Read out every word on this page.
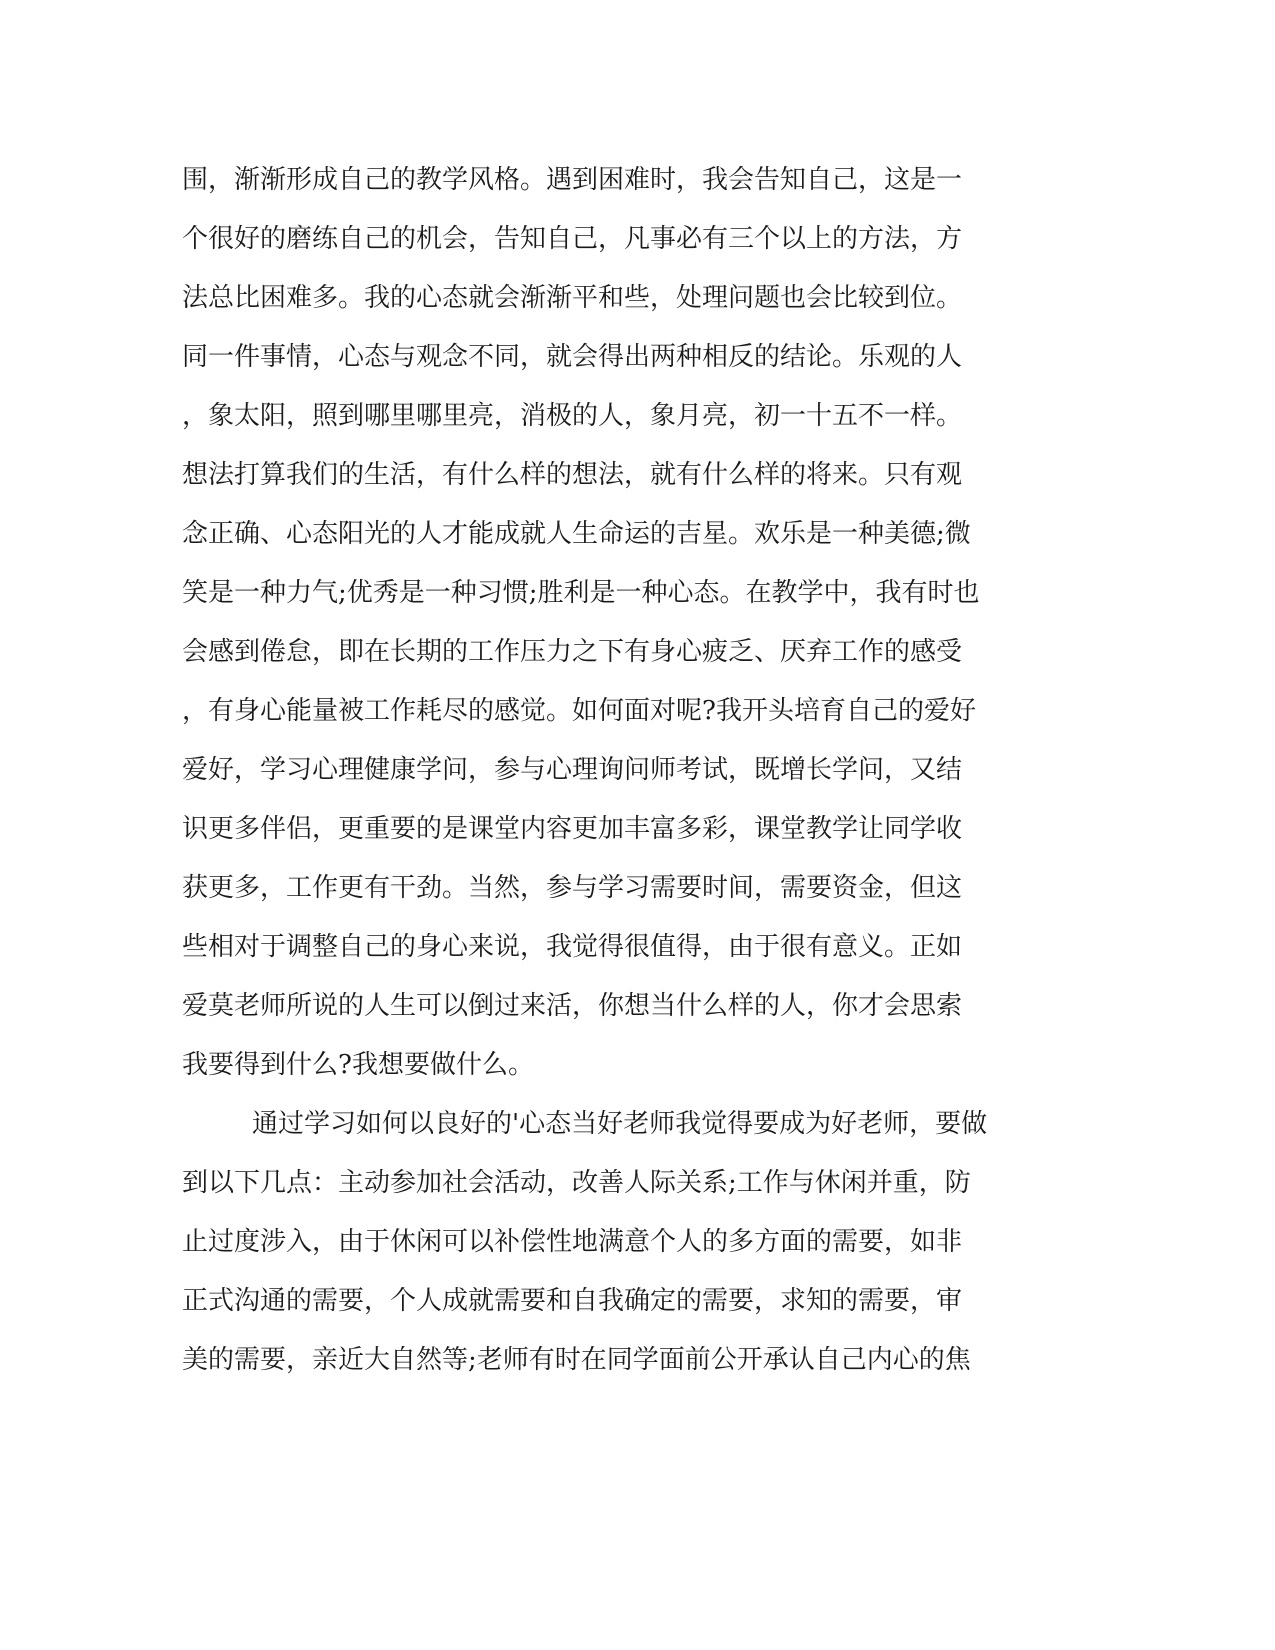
围，渐渐形成自己的教学风格。遇到困难时，我会告知自己，这是一
个很好的磨练自己的机会，告知自己，凡事必有三个以上的方法，方
法总比困难多。我的心态就会渐渐平和些，处理问题也会比较到位。
同一件事情，心态与观念不同，就会得出两种相反的结论。乐观的人
，象太阳，照到哪里哪里亮，消极的人，象月亮，初一十五不一样。
想法打算我们的生活，有什么样的想法，就有什么样的将来。只有观
念正确、心态阳光的人才能成就人生命运的吉星。欢乐是一种美德;微
笑是一种力气;优秀是一种习惯;胜利是一种心态。在教学中，我有时也
会感到倦怠，即在长期的工作压力之下有身心疲乏、厌弃工作的感受
，有身心能量被工作耗尽的感觉。如何面对呢?我开头培育自己的爱好
爱好，学习心理健康学问，参与心理询问师考试，既增长学问，又结
识更多伴侣，更重要的是课堂内容更加丰富多彩，课堂教学让同学收
获更多，工作更有干劲。当然，参与学习需要时间，需要资金，但这
些相对于调整自己的身心来说，我觉得很值得，由于很有意义。正如
爱莫老师所说的人生可以倒过来活，你想当什么样的人，你才会思索
我要得到什么?我想要做什么。
通过学习如何以良好的'心态当好老师我觉得要成为好老师，要做
到以下几点：主动参加社会活动，改善人际关系;工作与休闲并重，防
止过度涉入，由于休闲可以补偿性地满意个人的多方面的需要，如非
正式沟通的需要，个人成就需要和自我确定的需要，求知的需要，审
美的需要，亲近大自然等;老师有时在同学面前公开承认自己内心的焦
